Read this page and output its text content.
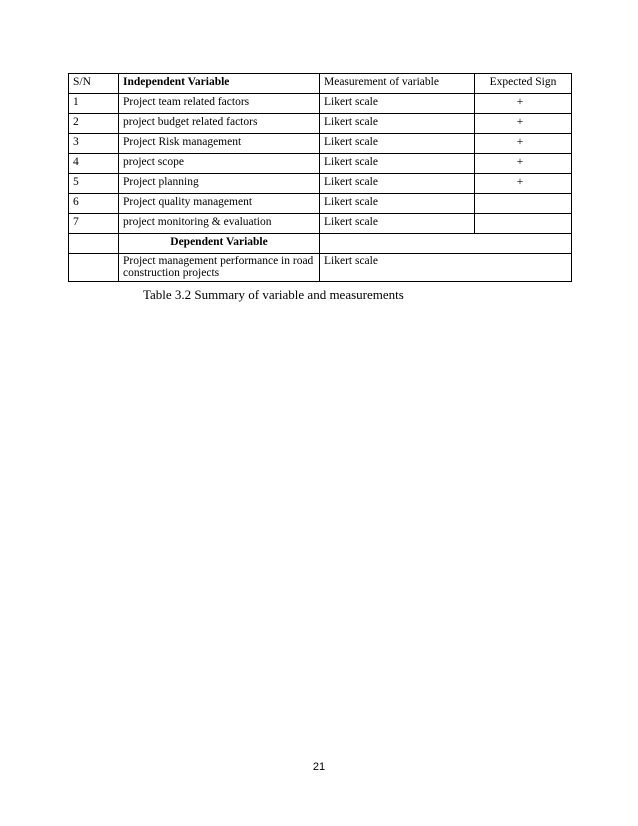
S/N	Independent Variable	Measurement of variable	Expected Sign
1	Project team related factors	Likert scale	+
2	project budget related factors	Likert scale	+
3	Project Risk management	Likert scale	+
4	project scope	Likert scale	+
5	Project planning	Likert scale	+
6	Project quality management	Likert scale	
7	project monitoring & evaluation	Likert scale	
	Dependent Variable		
	Project management performance in road construction projects	Likert scale	
Table 3.2 Summary of variable and measurements
21
